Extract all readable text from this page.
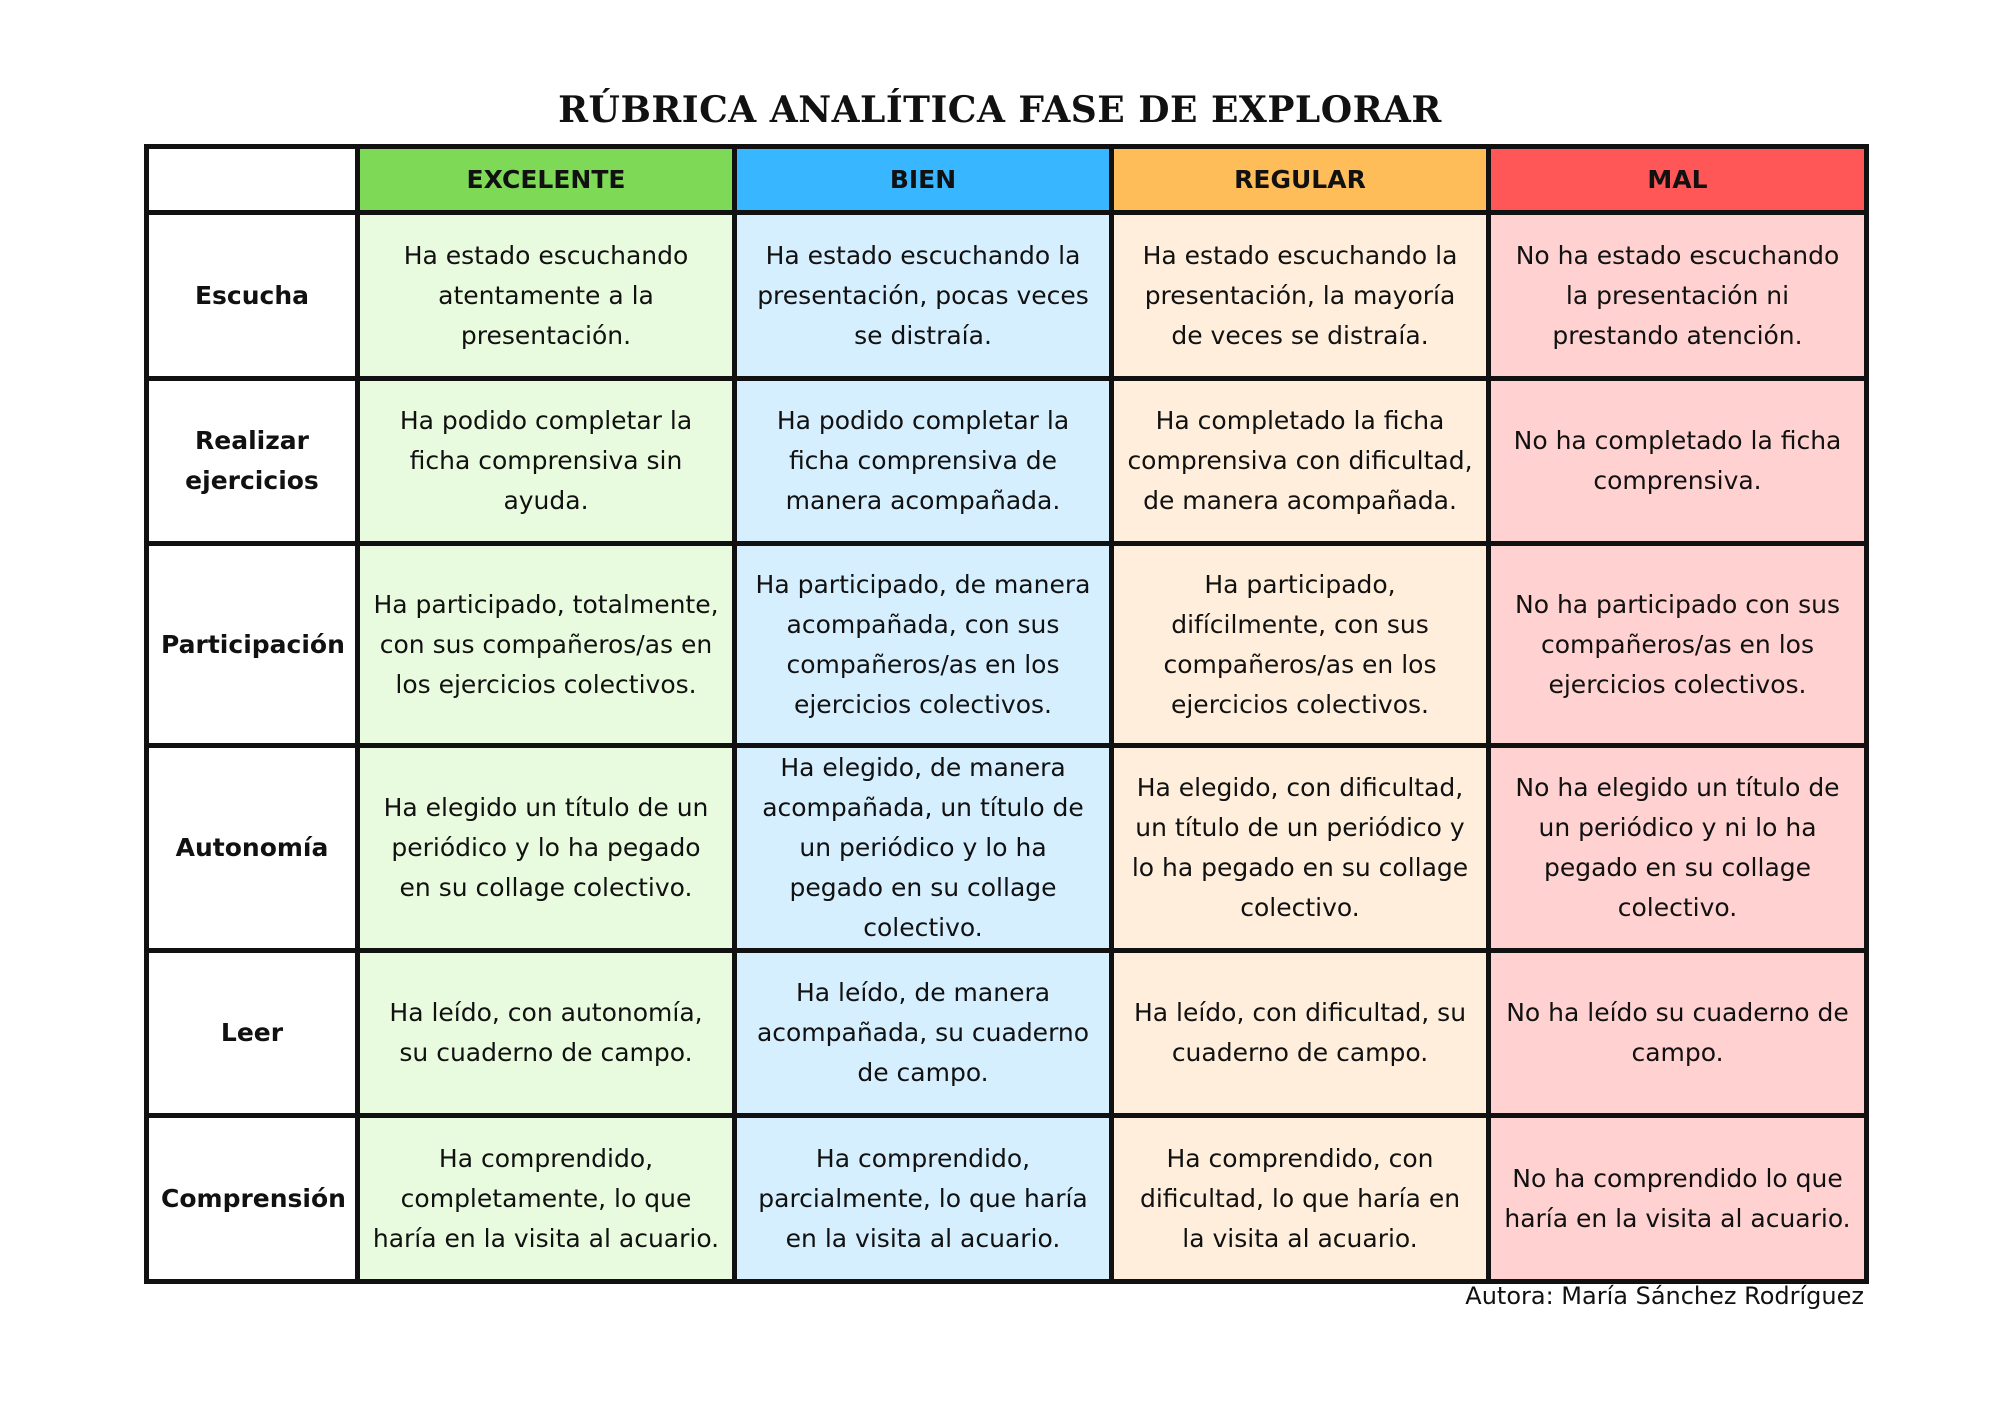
RÚBRICA ANALÍTICA FASE DE EXPLORAR
	EXCELENTE	BIEN	REGULAR	MAL
Escucha	Ha estado escuchando atentamente a la presentación.	Ha estado escuchando la presentación, pocas veces se distraía.	Ha estado escuchando la presentación, la mayoría de veces se distraía.	No ha estado escuchando la presentación ni prestando atención.
Realizar ejercicios	Ha podido completar la ficha comprensiva sin ayuda.	Ha podido completar la ficha comprensiva de manera acompañada.	Ha completado la ficha comprensiva con dificultad, de manera acompañada.	No ha completado la ficha comprensiva.
Participación	Ha participado, totalmente, con sus compañeros/as en los ejercicios colectivos.	Ha participado, de manera acompañada, con sus compañeros/as en los ejercicios colectivos.	Ha participado, difícilmente, con sus compañeros/as en los ejercicios colectivos.	No ha participado con sus compañeros/as en los ejercicios colectivos.
Autonomía	Ha elegido un título de un periódico y lo ha pegado en su collage colectivo.	Ha elegido, de manera acompañada, un título de un periódico y lo ha pegado en su collage colectivo.	Ha elegido, con dificultad, un título de un periódico y lo ha pegado en su collage colectivo.	No ha elegido un título de un periódico y ni lo ha pegado en su collage colectivo.
Leer	Ha leído, con autonomía, su cuaderno de campo.	Ha leído, de manera acompañada, su cuaderno de campo.	Ha leído, con dificultad, su cuaderno de campo.	No ha leído su cuaderno de campo.
Comprensión	Ha comprendido, completamente, lo que haría en la visita al acuario.	Ha comprendido, parcialmente, lo que haría en la visita al acuario.	Ha comprendido, con dificultad, lo que haría en la visita al acuario.	No ha comprendido lo que haría en la visita al acuario.
Autora: María Sánchez Rodríguez
